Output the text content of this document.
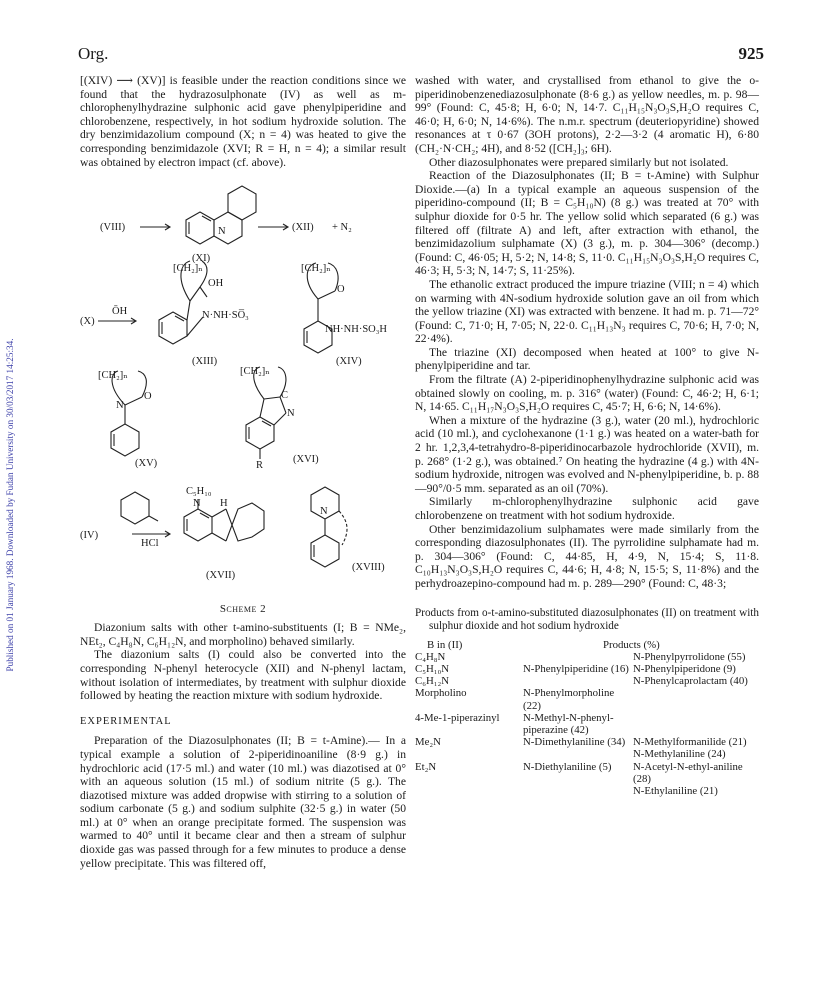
Published on 01 January 1968. Downloaded by Fudan University on 30/03/2017 14:25:34.
Org.	925

[(XIV) ⟶ (XV)] is feasible under the reaction conditions since we found that the hydrazosulphonate (IV) as well as m-chlorophenylhydrazine sulphonic acid gave phenylpiperidine and chlorobenzene, respectively, in hot sodium hydroxide solution. The dry benzimidazolium compound (X; n = 4) was heated to give the corresponding benzimidazole (XVI; R = H, n = 4); a similar result was obtained by electron impact (cf. above).

(VIII)	(XII) + N₂
(XI)
N
[CH₂]ₙ
OH
ŌH
(X)
N·NH·SO̅₃
(XIII)
[CH₂]ₙ
O
NH·NH·SO₃H
(XIV)
[CH₂]ₙ
O
N
(XV)
[CH₂]ₙ
C
N
R
(XVI)
(IV)
HCl
C₅H₁₀
N H
(XVII)
N
(XVIII)
Scheme 2

Diazonium salts with other t-amino-substituents (I; B = NMe₂, NEt₂, C₄H₈N, C₆H₁₂N, and morpholino) behaved similarly.

The diazonium salts (I) could also be converted into the corresponding N-phenyl heterocycle (XII) and N-phenyl lactam, without isolation of intermediates, by treatment with sulphur dioxide followed by heating the reaction mixture with sodium hydroxide.

EXPERIMENTAL

Preparation of the Diazosulphonates (II; B = t-Amine).— In a typical example a solution of 2-piperidinoaniline (8·9 g.) in hydrochloric acid (17·5 ml.) and water (10 ml.) was diazotised at 0° with an aqueous solution (15 ml.) of sodium nitrite (5 g.). The diazotised mixture was added dropwise with stirring to a solution of sodium carbonate (5 g.) and sodium sulphite (32·5 g.) in water (50 ml.) at 0° when an orange precipitate formed. The suspension was warmed to 40° until it became clear and then a stream of sulphur dioxide gas was passed through for a few minutes to produce a dense yellow precipitate. This was filtered off,

washed with water, and crystallised from ethanol to give the o-piperidinobenzenediazosulphonate (8·6 g.) as yellow needles, m. p. 98—99° (Found: C, 45·8; H, 6·0; N, 14·7. C₁₁H₁₅N₃O₃S,H₂O requires C, 46·0; H, 6·0; N, 14·6%). The n.m.r. spectrum (deuteriopyridine) showed resonances at τ 0·67 (3OH protons), 2·2—3·2 (4 aromatic H), 6·80 (CH₂·N·CH₂; 4H), and 8·52 ([CH₂]₃; 6H).

Other diazosulphonates were prepared similarly but not isolated.

Reaction of the Diazosulphonates (II; B = t-Amine) with Sulphur Dioxide.—(a) In a typical example an aqueous suspension of the piperidino-compound (II; B = C₅H₁₀N) (8 g.) was treated at 70° with sulphur dioxide for 0·5 hr. The yellow solid which separated (6 g.) was filtered off (filtrate A) and left, after extraction with ethanol, the benzimidazolium sulphamate (X) (3 g.), m. p. 304—306° (decomp.) (Found: C, 46·05; H, 5·2; N, 14·8; S, 11·0. C₁₁H₁₅N₃O₃S,H₂O requires C, 46·3; H, 5·3; N, 14·7; S, 11·25%).

The ethanolic extract produced the impure triazine (VIII; n = 4) which on warming with 4N-sodium hydroxide solution gave an oil from which the yellow triazine (XI) was extracted with benzene. It had m. p. 71—72° (Found: C, 71·0; H, 7·05; N, 22·0. C₁₁H₁₃N₃ requires C, 70·6; H, 7·0; N, 22·4%).

The triazine (XI) decomposed when heated at 100° to give N-phenylpiperidine and tar.

From the filtrate (A) 2-piperidinophenylhydrazine sulphonic acid was obtained slowly on cooling, m. p. 316° (water) (Found: C, 46·2; H, 6·1; N, 14·65. C₁₁H₁₇N₃O₃S,H₂O requires C, 45·7; H, 6·6; N, 14·6%).

When a mixture of the hydrazine (3 g.), water (20 ml.), hydrochloric acid (10 ml.), and cyclohexanone (1·1 g.) was heated on a water-bath for 2 hr. 1,2,3,4-tetrahydro-8-piperidinocarbazole hydrochloride (XVII), m. p. 268° (1·2 g.), was obtained.⁷ On heating the hydrazine (4 g.) with 4N-sodium hydroxide, nitrogen was evolved and N-phenylpiperidine, b. p. 88—90°/0·5 mm. separated as an oil (70%).

Similarly m-chlorophenylhydrazine sulphonic acid gave chlorobenzene on treatment with hot sodium hydroxide.

Other benzimidazolium sulphamates were made similarly from the corresponding diazosulphonates (II). The pyrrolidine sulphamate had m. p. 304—306° (Found: C, 44·85, H, 4·9, N, 15·4; S, 11·8. C₁₀H₁₃N₃O₃S,H₂O requires C, 44·6; H, 4·8; N, 15·5; S, 11·8%) and the perhydroazepino-compound had m. p. 289—290° (Found: C, 48·3;

Products from o-t-amino-substituted diazosulphonates (II) on treatment with sulphur dioxide and hot sodium hydroxide

B in (II)	Products (%)	
C₄H₈N		N-Phenylpyrrolidone (55)
C₅H₁₀N	N-Phenylpiperidine (16)	N-Phenylpiperidone (9)
C₆H₁₂N		N-Phenylcaprolactam (40)
Morpholino	N-Phenylmorpholine (22)	
4-Me-1-piperazinyl	N-Methyl-N-phenyl-piperazine (42)	
Me₂N	N-Dimethylaniline (34)	N-Methylformanilide (21)
		N-Methylaniline (24)
Et₂N	N-Diethylaniline (5)	N-Acetyl-N-ethyl-aniline (28)
		N-Ethylaniline (21)
